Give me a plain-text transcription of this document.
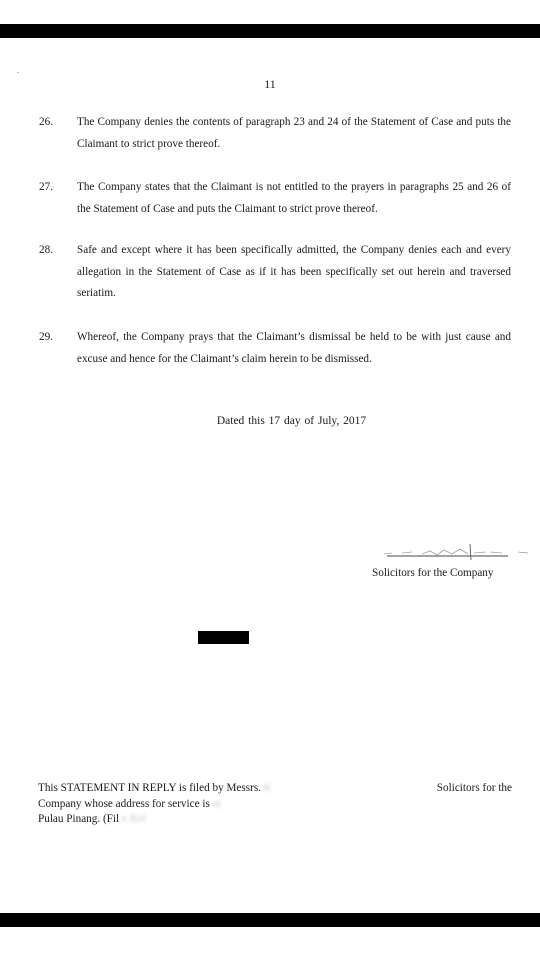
11
26. The Company denies the contents of paragraph 23 and 24 of the Statement of Case and puts the Claimant to strict prove thereof.
27. The Company states that the Claimant is not entitled to the prayers in paragraphs 25 and 26 of the Statement of Case and puts the Claimant to strict prove thereof.
28. Safe and except where it has been specifically admitted, the Company denies each and every allegation in the Statement of Case as if it has been specifically set out herein and traversed seriatim.
29. Whereof, the Company prays that the Claimant’s dismissal be held to be with just cause and excuse and hence for the Claimant’s claim herein to be dismissed.
Dated this 17 day of July, 2017
Solicitors for the Company
This STATEMENT IN REPLY is filed by Messrs. K	Solicitors for the
Company whose address for service is at
Pulau Pinang. (Fil e Ref
